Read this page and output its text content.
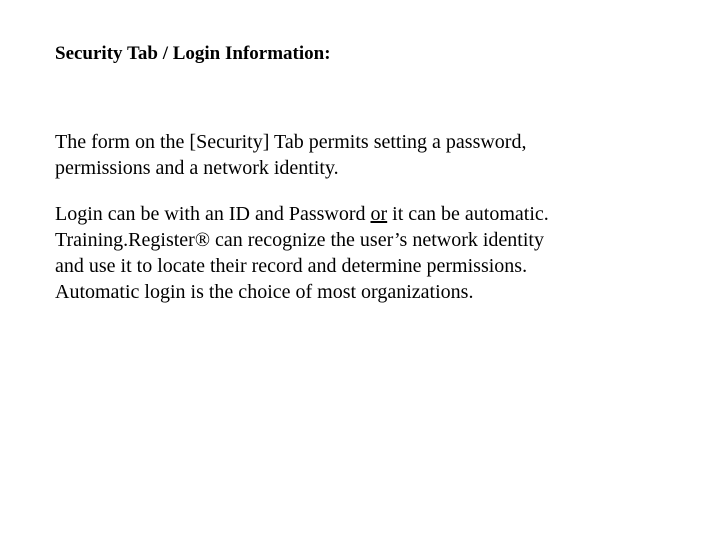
Security Tab / Login Information:
The form on the [Security] Tab permits setting a password,
permissions and a network identity.
Login can be with an ID and Password or it can be automatic.
Training.Register® can recognize the user’s network identity
and use it to locate their record and determine permissions.
Automatic login is the choice of most organizations.
